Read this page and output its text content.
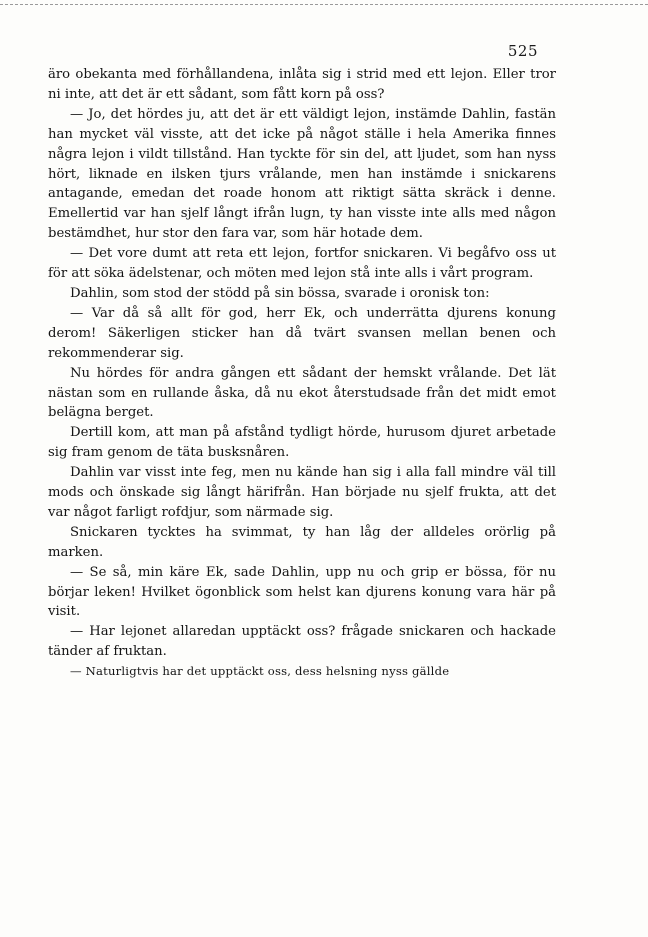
525

äro obekanta med förhållandena, inlåta sig i strid med ett lejon. Eller tror ni inte, att det är ett sådant, som fått korn på oss?

— Jo, det hördes ju, att det är ett väldigt lejon, instämde Dahlin, fastän han mycket väl visste, att det icke på något ställe i hela Amerika finnes några lejon i vildt tillstånd. Han tyckte för sin del, att ljudet, som han nyss hört, liknade en ilsken tjurs vrålande, men han instämde i snickarens antagande, emedan det roade honom att riktigt sätta skräck i denne. Emellertid var han sjelf långt ifrån lugn, ty han visste inte alls med någon bestämdhet, hur stor den fara var, som här hotade dem.

— Det vore dumt att reta ett lejon, fortfor snickaren. Vi begåfvo oss ut för att söka ädelstenar, och möten med lejon stå inte alls i vårt program.

Dahlin, som stod der stödd på sin bössa, svarade i oronisk ton:

— Var då så allt för god, herr Ek, och underrätta djurens konung derom! Säkerligen sticker han då tvärt svansen mellan benen och rekommenderar sig.

Nu hördes för andra gången ett sådant der hemskt vrålande. Det lät nästan som en rullande åska, då nu ekot återstudsade från det midt emot belägna berget.

Dertill kom, att man på afstånd tydligt hörde, hurusom djuret arbetade sig fram genom de täta busksnåren.

Dahlin var visst inte feg, men nu kände han sig i alla fall mindre väl till mods och önskade sig långt härifrån. Han började nu sjelf frukta, att det var något farligt rofdjur, som närmade sig.

Snickaren tycktes ha svimmat, ty han låg der alldeles orörlig på marken.

— Se så, min käre Ek, sade Dahlin, upp nu och grip er bössa, för nu börjar leken! Hvilket ögonblick som helst kan djurens konung vara här på visit.

— Har lejonet allaredan upptäckt oss? frågade snickaren och hackade tänder af fruktan.

— Naturligtvis har det upptäckt oss, dess helsning nyss gällde
